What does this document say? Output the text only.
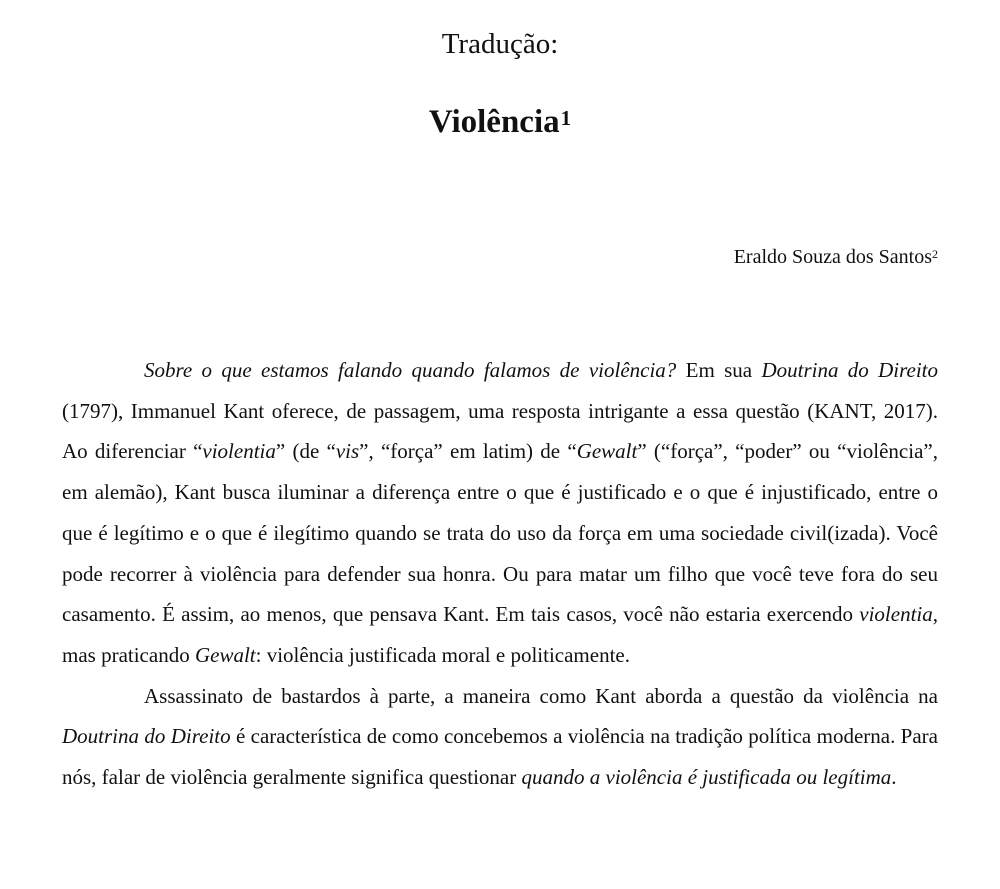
Tradução:
Violência$^1$
Eraldo Souza dos Santos$^2$

Sobre o que estamos falando quando falamos de violência? Em sua Doutrina do Direito (1797), Immanuel Kant oferece, de passagem, uma resposta intrigante a essa questão (KANT, 2017). Ao diferenciar “violentia” (de “vis”, “força” em latim) de “Gewalt” (“força”, “poder” ou “violência”, em alemão), Kant busca iluminar a diferença entre o que é justificado e o que é injustificado, entre o que é legítimo e o que é ilegítimo quando se trata do uso da força em uma sociedade civil(izada). Você pode recorrer à violência para defender sua honra. Ou para matar um filho que você teve fora do seu casamento. É assim, ao menos, que pensava Kant. Em tais casos, você não estaria exercendo violentia, mas praticando Gewalt: violência justificada moral e politicamente.

Assassinato de bastardos à parte, a maneira como Kant aborda a questão da violência na Doutrina do Direito é característica de como concebemos a violência na tradição política moderna. Para nós, falar de violência geralmente significa questionar quando a violência é justificada ou legítima.
